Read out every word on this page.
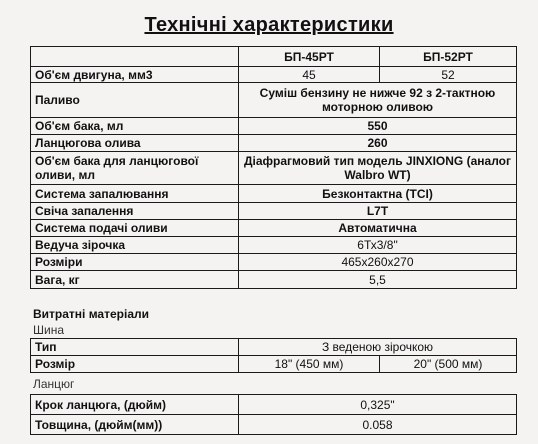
Технічні характеристики
	БП-45РТ	БП-52РТ
Об'єм двигуна, мм3	45	52
Паливо	Суміш бензину не нижче 92 з 2-тактною моторною оливою	
Об'єм бака, мл	550	
Ланцюгова олива	260	
Об'єм бака для ланцюгової оливи, мл	Діафрагмовий тип модель JINXIONG (аналог Walbro WT)	
Система запалювання	Безконтактна (TCI)	
Свіча запалення	L7T	
Система подачі оливи	Автоматична	
Ведуча зірочка	6Тх3/8"	
Розміри	465х260х270	
Вага, кг	5,5	
Витратні матеріали
Шина
Тип	З веденою зірочкою	
Розмір	18" (450 мм)	20" (500 мм)
Ланцюг
Крок ланцюга, (дюйм)	0,325"
Товщина, (дюйм(мм))	0.058
